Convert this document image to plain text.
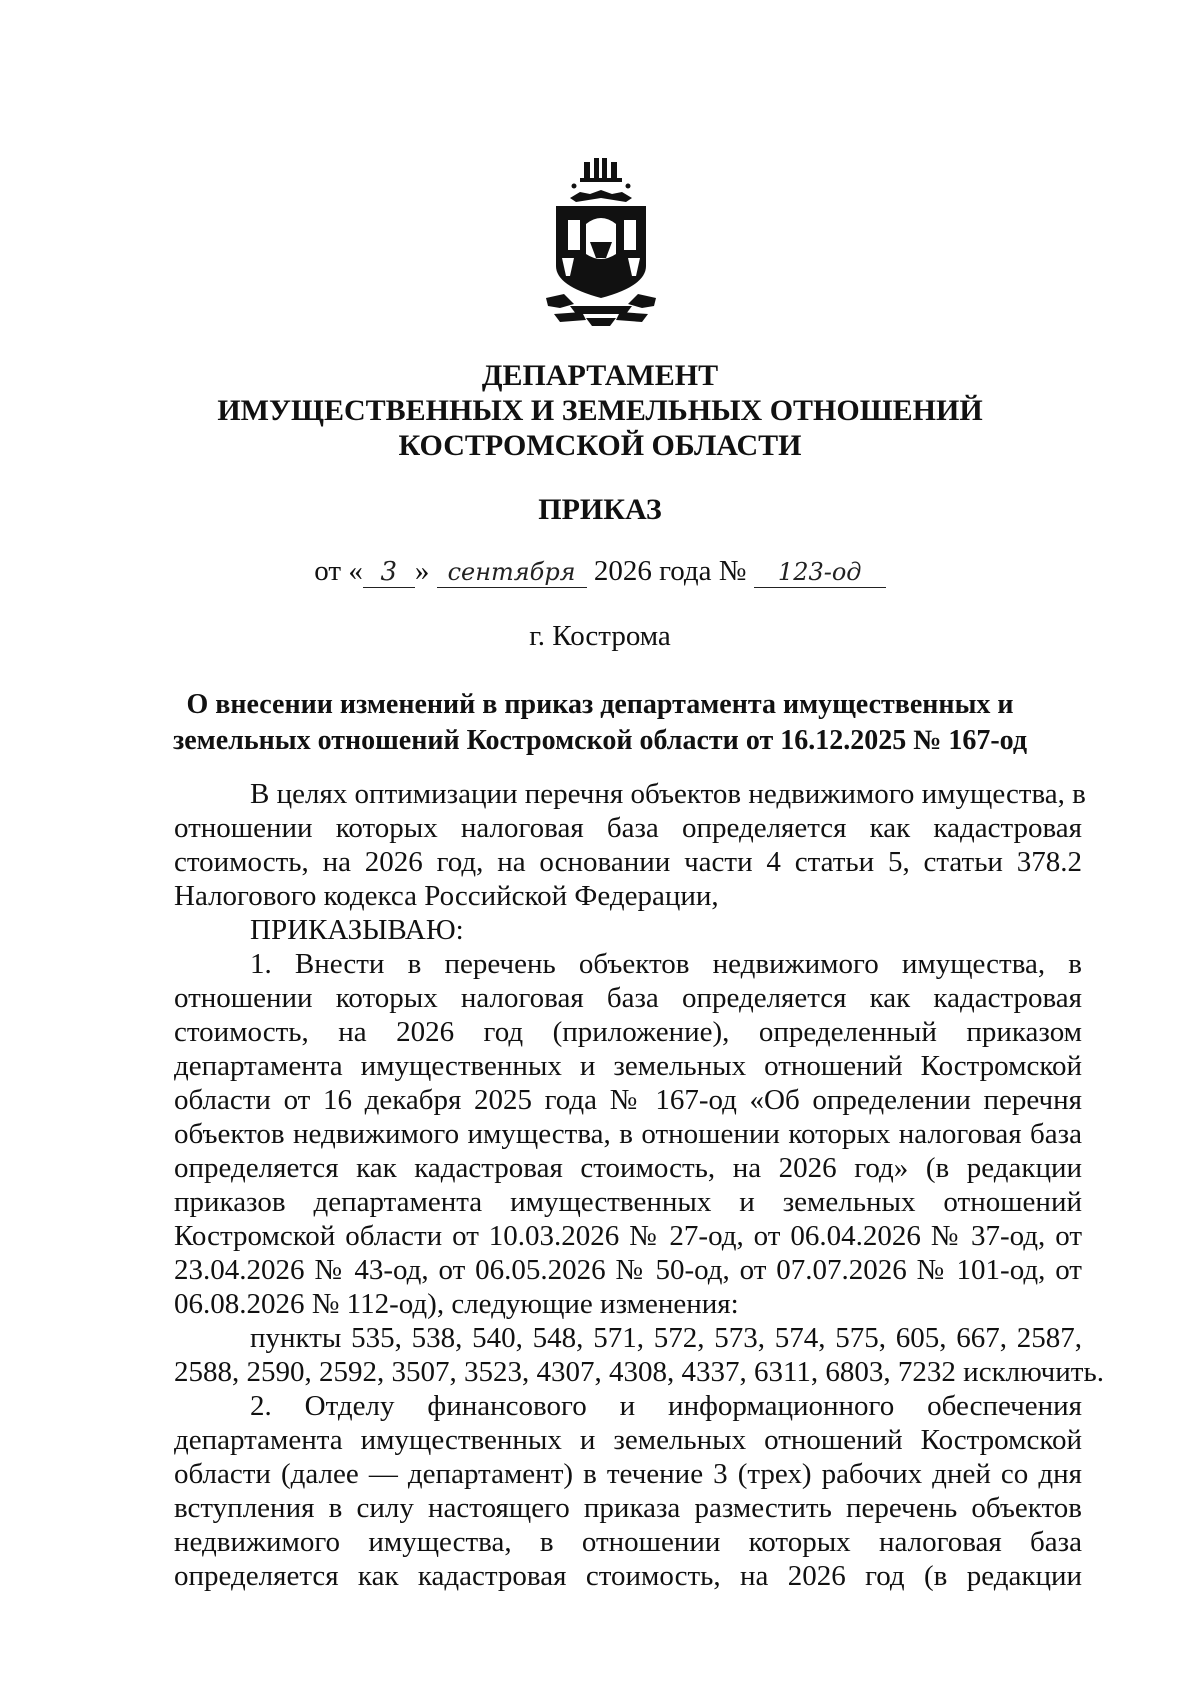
ДЕПАРТАМЕНТ
ИМУЩЕСТВЕННЫХ И ЗЕМЕЛЬНЫХ ОТНОШЕНИЙ
КОСТРОМСКОЙ ОБЛАСТИ
ПРИКАЗ
от « 3 » сентября 2026 года № 123-од
г. Кострома
О внесении изменений в приказ департамента имущественных и
земельных отношений Костромской области от 16.12.2025 № 167-од
В целях оптимизации перечня объектов недвижимого имущества, в
отношении которых налоговая база определяется как кадастровая
стоимость, на 2026 год, на основании части 4 статьи 5, статьи 378.2
Налогового кодекса Российской Федерации,
ПРИКАЗЫВАЮ:
1. Внести в перечень объектов недвижимого имущества, в
отношении которых налоговая база определяется как кадастровая
стоимость, на 2026 год (приложение), определенный приказом
департамента имущественных и земельных отношений Костромской
области от 16 декабря 2025 года № 167-од «Об определении перечня
объектов недвижимого имущества, в отношении которых налоговая база
определяется как кадастровая стоимость, на 2026 год» (в редакции
приказов департамента имущественных и земельных отношений
Костромской области от 10.03.2026 № 27-од, от 06.04.2026 № 37-од, от
23.04.2026 № 43-од, от 06.05.2026 № 50-од, от 07.07.2026 № 101-од, от
06.08.2026 № 112-од), следующие изменения:
пункты 535, 538, 540, 548, 571, 572, 573, 574, 575, 605, 667, 2587,
2588, 2590, 2592, 3507, 3523, 4307, 4308, 4337, 6311, 6803, 7232 исключить.
2. Отделу финансового и информационного обеспечения
департамента имущественных и земельных отношений Костромской
области (далее — департамент) в течение 3 (трех) рабочих дней со дня
вступления в силу настоящего приказа разместить перечень объектов
недвижимого имущества, в отношении которых налоговая база
определяется как кадастровая стоимость, на 2026 год (в редакции
